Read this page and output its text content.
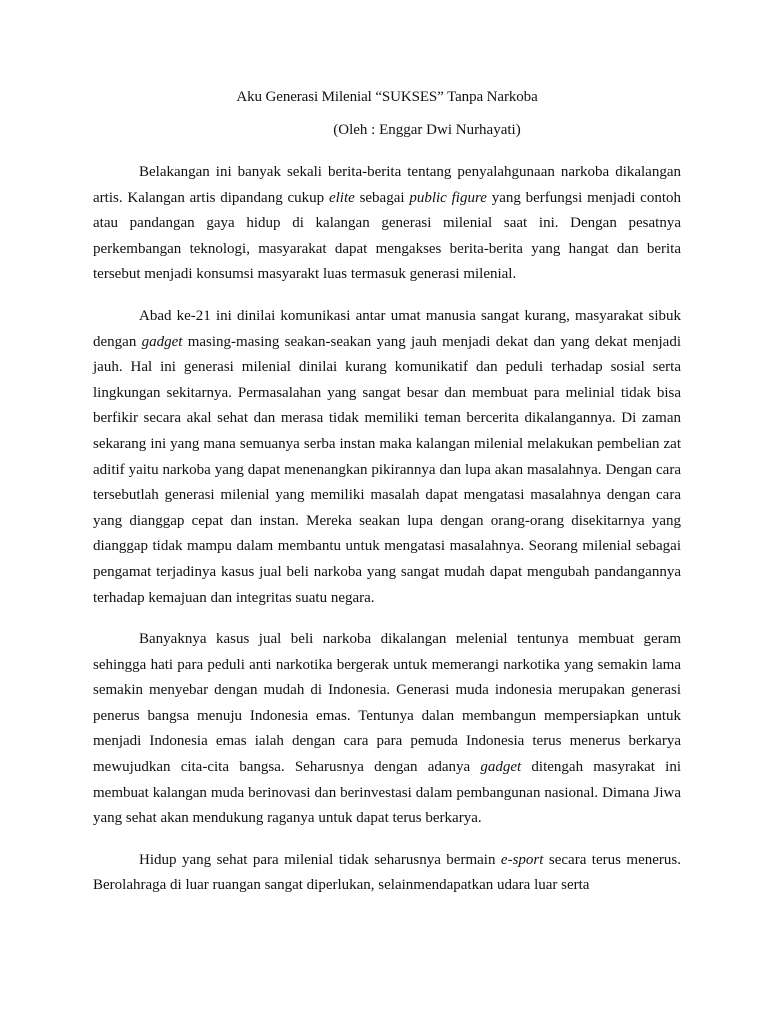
Aku Generasi Milenial “SUKSES” Tanpa Narkoba
(Oleh : Enggar Dwi Nurhayati)

Belakangan ini banyak sekali berita-berita tentang penyalahgunaan narkoba dikalangan artis. Kalangan artis dipandang cukup elite sebagai public figure yang berfungsi menjadi contoh atau pandangan gaya hidup di kalangan generasi milenial saat ini. Dengan pesatnya perkembangan teknologi, masyarakat dapat mengakses berita-berita yang hangat dan berita tersebut menjadi konsumsi masyarakt luas termasuk generasi milenial.

Abad ke-21 ini dinilai komunikasi antar umat manusia sangat kurang, masyarakat sibuk dengan gadget masing-masing seakan-seakan yang jauh menjadi dekat dan yang dekat menjadi jauh. Hal ini generasi milenial dinilai kurang komunikatif dan peduli terhadap sosial serta lingkungan sekitarnya. Permasalahan yang sangat besar dan membuat para melinial tidak bisa berfikir secara akal sehat dan merasa tidak memiliki teman bercerita dikalangannya. Di zaman sekarang ini yang mana semuanya serba instan maka kalangan milenial melakukan pembelian zat aditif yaitu narkoba yang dapat menenangkan pikirannya dan lupa akan masalahnya. Dengan cara tersebutlah generasi milenial yang memiliki masalah dapat mengatasi masalahnya dengan cara yang dianggap cepat dan instan. Mereka seakan lupa dengan orang-orang disekitarnya yang dianggap tidak mampu dalam membantu untuk mengatasi masalahnya. Seorang milenial sebagai pengamat terjadinya kasus jual beli narkoba yang sangat mudah dapat mengubah pandangannya terhadap kemajuan dan integritas suatu negara.

Banyaknya kasus jual beli narkoba dikalangan melenial tentunya membuat geram sehingga hati para peduli anti narkotika bergerak untuk memerangi narkotika yang semakin lama semakin menyebar dengan mudah di Indonesia. Generasi muda indonesia merupakan generasi penerus bangsa menuju Indonesia emas. Tentunya dalan membangun mempersiapkan untuk menjadi Indonesia emas ialah dengan cara para pemuda Indonesia terus menerus berkarya mewujudkan cita-cita bangsa. Seharusnya dengan adanya gadget ditengah masyrakat ini membuat kalangan muda berinovasi dan berinvestasi dalam pembangunan nasional. Dimana Jiwa yang sehat akan mendukung raganya untuk dapat terus berkarya.

Hidup yang sehat para milenial tidak seharusnya bermain e-sport secara terus menerus. Berolahraga di luar ruangan sangat diperlukan, selainmendapatkan udara luar serta
